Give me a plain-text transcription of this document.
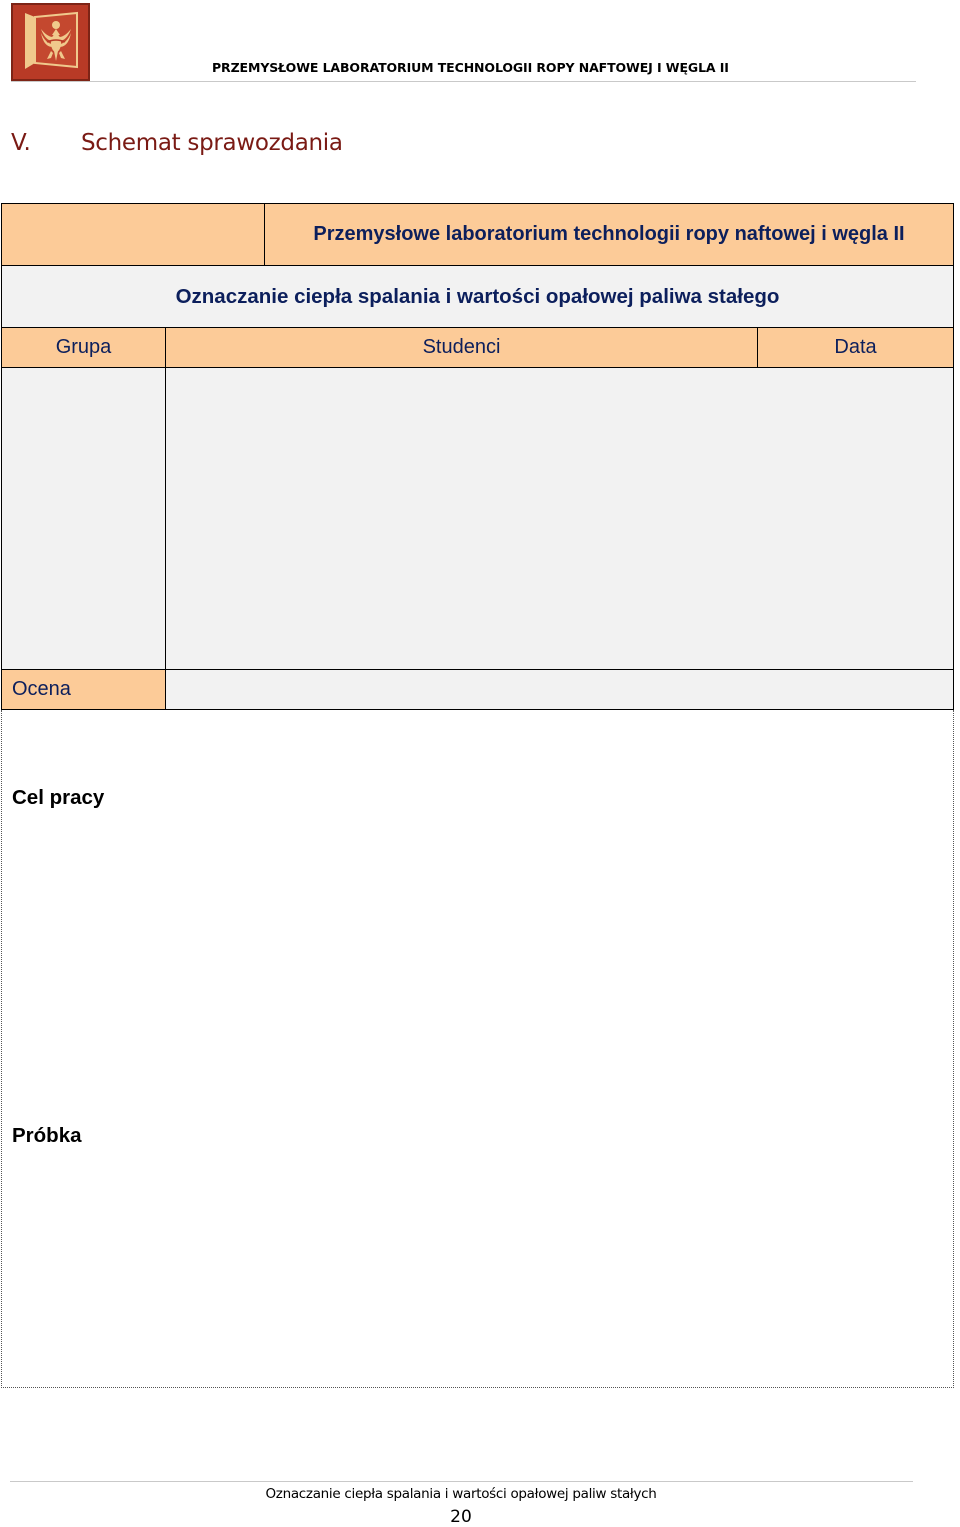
PRZEMYSŁOWE LABORATORIUM TECHNOLOGII ROPY NAFTOWEJ I WĘGLA II
V. Schemat sprawozdania
Przemysłowe laboratorium technologii ropy naftowej i węgla II
Oznaczanie ciepła spalania i wartości opałowej paliwa stałego
Grupa	Studenci	Data
Ocena
Cel pracy
Próbka
Oznaczanie ciepła spalania i wartości opałowej paliw stałych
20
